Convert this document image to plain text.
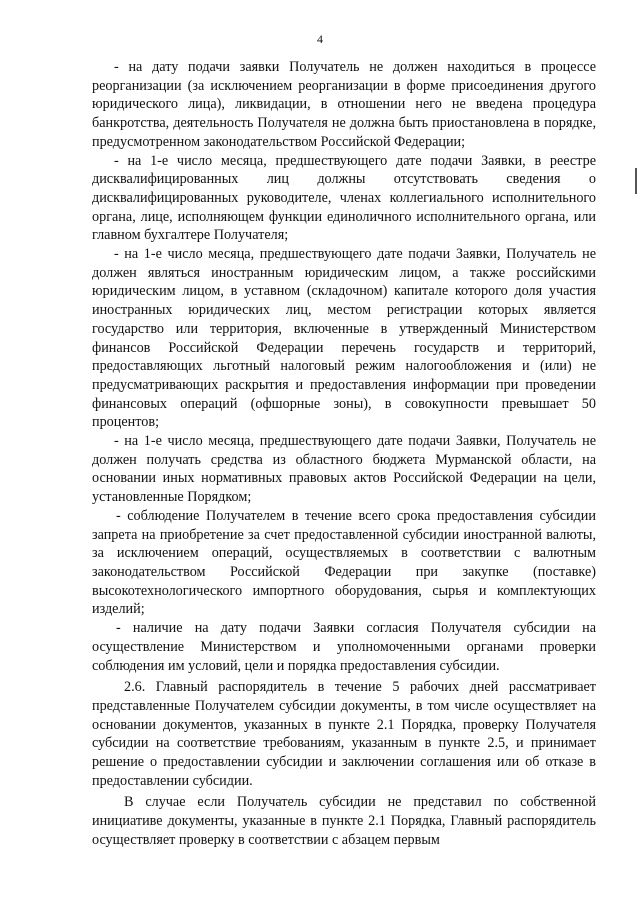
4

- на дату подачи заявки Получатель не должен находиться в процессе реорганизации (за исключением реорганизации в форме присоединения другого юридического лица), ликвидации, в отношении него не введена процедура банкротства, деятельность Получателя не должна быть приостановлена в порядке, предусмотренном законодательством Российской Федерации;

- на 1-е число месяца, предшествующего дате подачи Заявки, в реестре дисквалифицированных лиц должны отсутствовать сведения о дисквалифицированных руководителе, членах коллегиального исполнительного органа, лице, исполняющем функции единоличного исполнительного органа, или главном бухгалтере Получателя;

- на 1-е число месяца, предшествующего дате подачи Заявки, Получатель не должен являться иностранным юридическим лицом, а также российскими юридическим лицом, в уставном (складочном) капитале которого доля участия иностранных юридических лиц, местом регистрации которых является государство или территория, включенные в утвержденный Министерством финансов Российской Федерации перечень государств и территорий, предоставляющих льготный налоговый режим налогообложения и (или) не предусматривающих раскрытия и предоставления информации при проведении финансовых операций (офшорные зоны), в совокупности превышает 50 процентов;

- на 1-е число месяца, предшествующего дате подачи Заявки, Получатель не должен получать средства из областного бюджета Мурманской области, на основании иных нормативных правовых актов Российской Федерации на цели, установленные Порядком;

- соблюдение Получателем в течение всего срока предоставления субсидии запрета на приобретение за счет предоставленной субсидии иностранной валюты, за исключением операций, осуществляемых в соответствии с валютным законодательством Российской Федерации при закупке (поставке) высокотехнологического импортного оборудования, сырья и комплектующих изделий;

- наличие на дату подачи Заявки согласия Получателя субсидии на осуществление Министерством и уполномоченными органами проверки соблюдения им условий, цели и порядка предоставления субсидии.

2.6. Главный распорядитель в течение 5 рабочих дней рассматривает представленные Получателем субсидии документы, в том числе осуществляет на основании документов, указанных в пункте 2.1 Порядка, проверку Получателя субсидии на соответствие требованиям, указанным в пункте 2.5, и принимает решение о предоставлении субсидии и заключении соглашения или об отказе в предоставлении субсидии.

В случае если Получатель субсидии не представил по собственной инициативе документы, указанные в пункте 2.1 Порядка, Главный распорядитель осуществляет проверку в соответствии с абзацем первым
